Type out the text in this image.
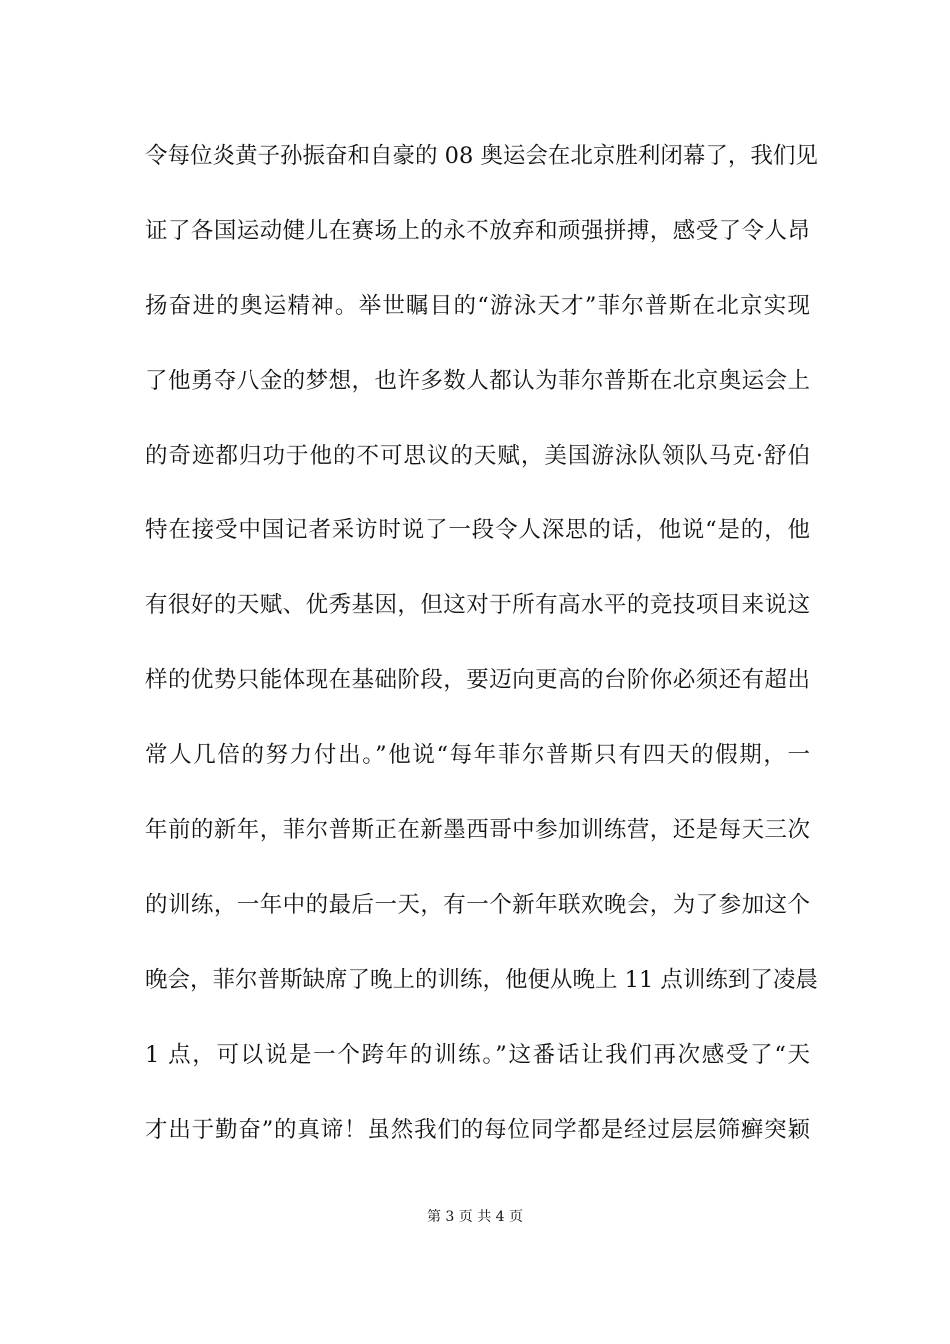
令每位炎黄子孙振奋和自豪的 08 奥运会在北京胜利闭幕了，我们见
证了各国运动健儿在赛场上的永不放弃和顽强拼搏，感受了令人昂
扬奋进的奥运精神。举世瞩目的“游泳天才”菲尔普斯在北京实现
了他勇夺八金的梦想，也许多数人都认为菲尔普斯在北京奥运会上
的奇迹都归功于他的不可思议的天赋，美国游泳队领队马克·舒伯
特在接受中国记者采访时说了一段令人深思的话，他说“是的，他
有很好的天赋、优秀基因，但这对于所有高水平的竞技项目来说这
样的优势只能体现在基础阶段，要迈向更高的台阶你必须还有超出
常人几倍的努力付出。”他说“每年菲尔普斯只有四天的假期，一
年前的新年，菲尔普斯正在新墨西哥中参加训练营，还是每天三次
的训练，一年中的最后一天，有一个新年联欢晚会，为了参加这个
晚会，菲尔普斯缺席了晚上的训练，他便从晚上 11 点训练到了凌晨
1 点，可以说是一个跨年的训练。”这番话让我们再次感受了“天
才出于勤奋”的真谛！虽然我们的每位同学都是经过层层筛癣突颖
第 3 页 共 4 页
